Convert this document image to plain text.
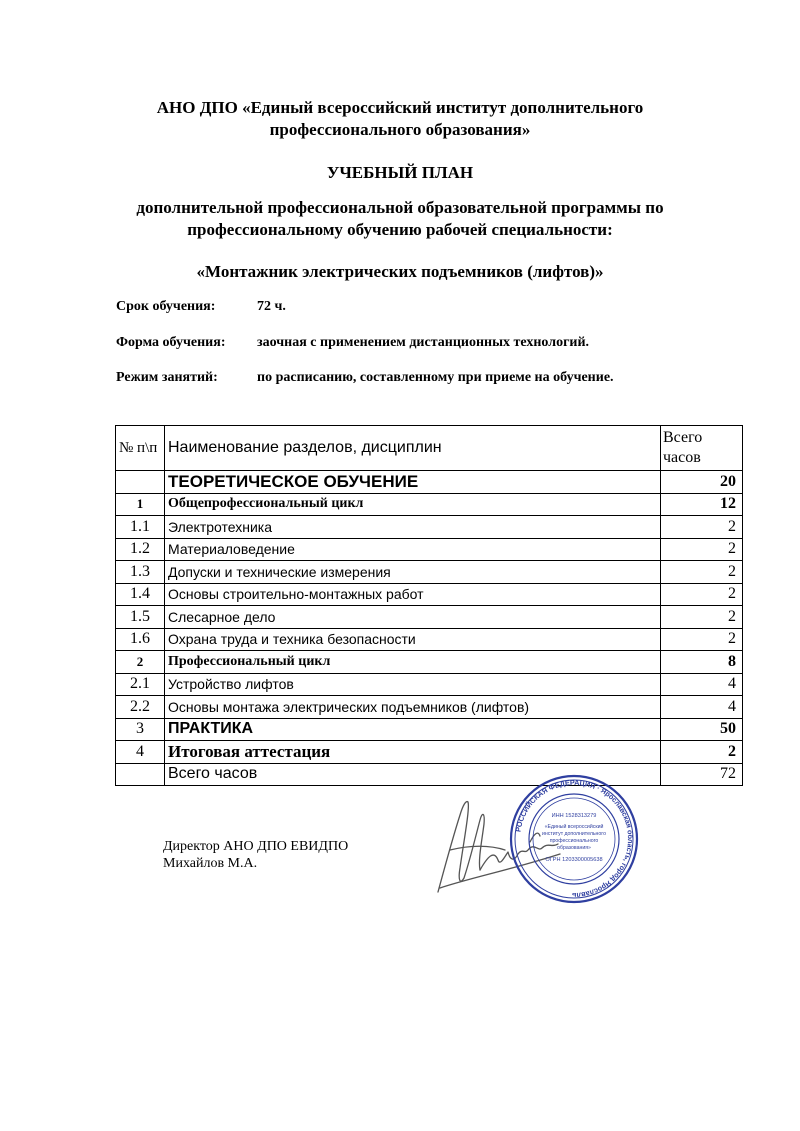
АНО ДПО «Единый всероссийский институт дополнительного
профессионального образования»
УЧЕБНЫЙ ПЛАН
дополнительной профессиональной образовательной программы по
профессиональному обучению рабочей специальности:
«Монтажник электрических подъемников (лифтов)»
Срок обучения:	72 ч.
Форма обучения: заочная с применением дистанционных технологий.
Режим занятий:	по расписанию, составленному при приеме на обучение.
№ п\п	Наименование разделов, дисциплин	Всего часов
	ТЕОРЕТИЧЕСКОЕ ОБУЧЕНИЕ	20
1	Общепрофессиональный цикл	12
1.1	Электротехника	2
1.2	Материаловедение	2
1.3	Допуски и технические измерения	2
1.4	Основы строительно-монтажных работ	2
1.5	Слесарное дело	2
1.6	Охрана труда и техника безопасности	2
2	Профессиональный цикл	8
2.1	Устройство лифтов	4
2.2	Основы монтажа электрических подъемников (лифтов)	4
3	ПРАКТИКА	50
4	Итоговая аттестация	2
	Всего часов	72
Директор АНО ДПО ЕВИДПО
Михайлов М.А.
РОССИЙСКАЯ ФЕДЕРАЦИЯ · Ярославская область, город Ярославль
ИНН 1528313279
«Единый всероссийский
институт дополнительного
профессионального
образования»
ОГРН 1203300005638
